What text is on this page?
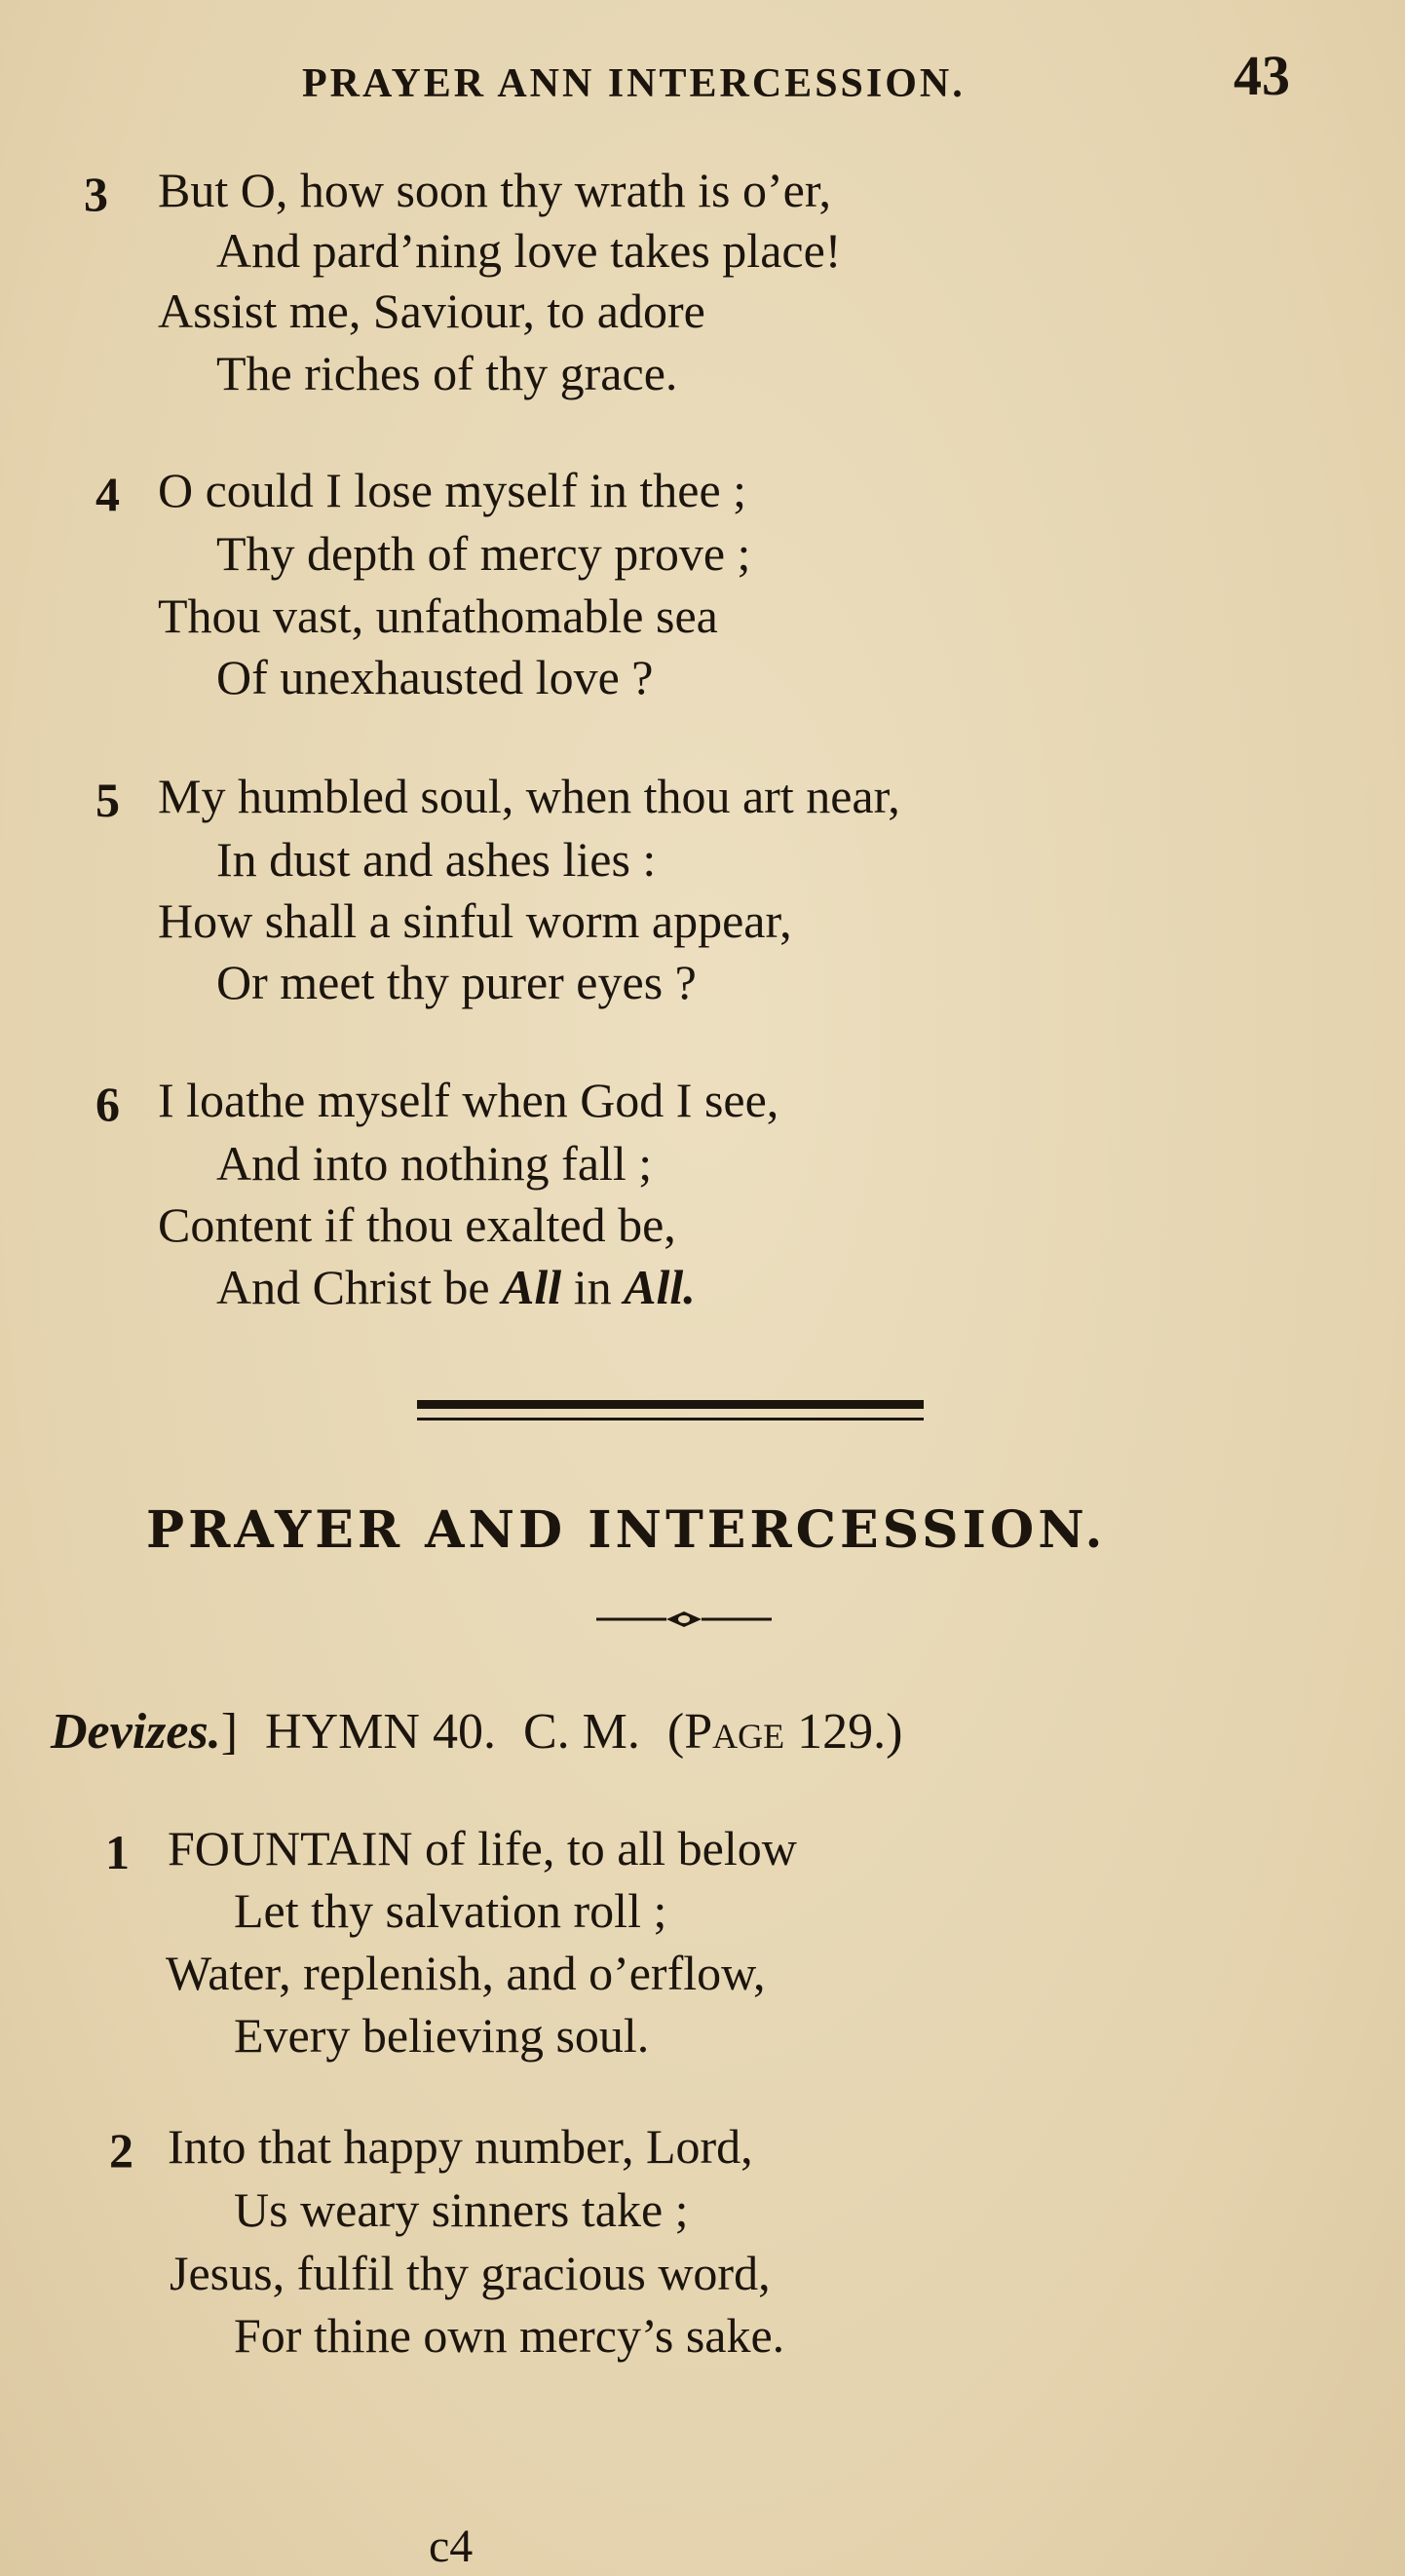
PRAYER ANN INTERCESSION.	43
3 But O, how soon thy wrath is o’er,
And pard’ning love takes place!
Assist me, Saviour, to adore
The riches of thy grace.
4 O could I lose myself in thee ;
Thy depth of mercy prove ;
Thou vast, unfathomable sea
Of unexhausted love ?
5 My humbled soul, when thou art near,
In dust and ashes lies :
How shall a sinful worm appear,
Or meet thy purer eyes ?
6 I loathe myself when God I see,
And into nothing fall ;
Content if thou exalted be,
And Christ be All in All.
PRAYER AND INTERCESSION.
Devizes.] HYMN 40. C. M. (Page 129.)
1 FOUNTAIN of life, to all below
Let thy salvation roll ;
Water, replenish, and o’erflow,
Every believing soul.
2 Into that happy number, Lord,
Us weary sinners take ;
Jesus, fulfil thy gracious word,
For thine own mercy’s sake.
c4
